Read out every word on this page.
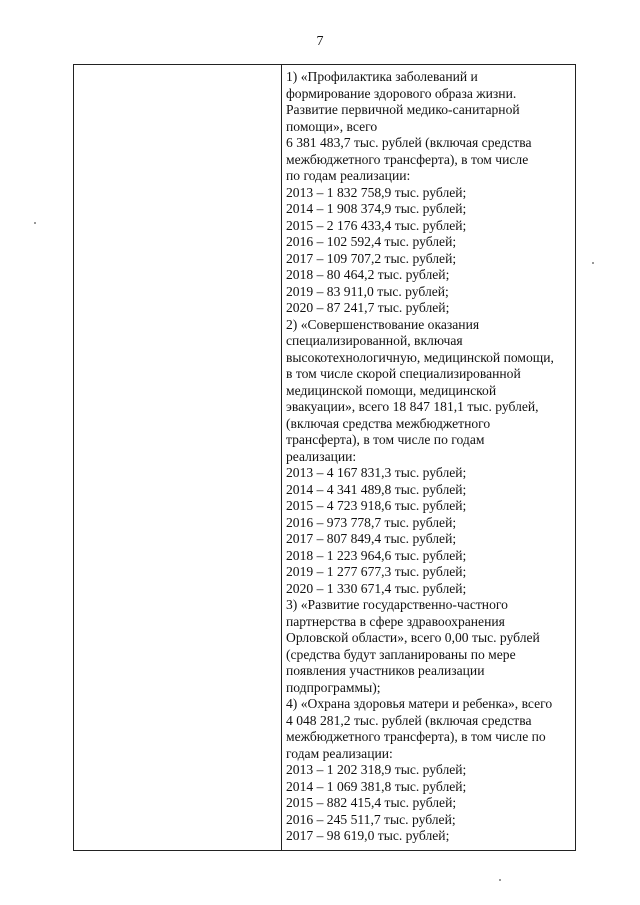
7
1) «Профилактика заболеваний и
формирование здорового образа жизни.
Развитие первичной медико-санитарной
помощи», всего
6 381 483,7 тыс. рублей (включая средства
межбюджетного трансферта), в том числе
по годам реализации:
2013 – 1 832 758,9 тыс. рублей;
2014 – 1 908 374,9 тыс. рублей;
2015 – 2 176 433,4 тыс. рублей;
2016 – 102 592,4 тыс. рублей;
2017 – 109 707,2 тыс. рублей;
2018 – 80 464,2 тыс. рублей;
2019 – 83 911,0 тыс. рублей;
2020 – 87 241,7 тыс. рублей;
2) «Совершенствование оказания
специализированной, включая
высокотехнологичную, медицинской помощи,
в том числе скорой специализированной
медицинской помощи, медицинской
эвакуации», всего 18 847 181,1 тыс. рублей,
(включая средства межбюджетного
трансферта), в том числе по годам
реализации:
2013 – 4 167 831,3 тыс. рублей;
2014 – 4 341 489,8 тыс. рублей;
2015 – 4 723 918,6 тыс. рублей;
2016 – 973 778,7 тыс. рублей;
2017 – 807 849,4 тыс. рублей;
2018 – 1 223 964,6 тыс. рублей;
2019 – 1 277 677,3 тыс. рублей;
2020 – 1 330 671,4 тыс. рублей;
3) «Развитие государственно-частного
партнерства в сфере здравоохранения
Орловской области», всего 0,00 тыс. рублей
(средства будут запланированы по мере
появления участников реализации
подпрограммы);
4) «Охрана здоровья матери и ребенка», всего
4 048 281,2 тыс. рублей (включая средства
межбюджетного трансферта), в том числе по
годам реализации:
2013 – 1 202 318,9 тыс. рублей;
2014 – 1 069 381,8 тыс. рублей;
2015 – 882 415,4 тыс. рублей;
2016 – 245 511,7 тыс. рублей;
2017 – 98 619,0 тыс. рублей;
